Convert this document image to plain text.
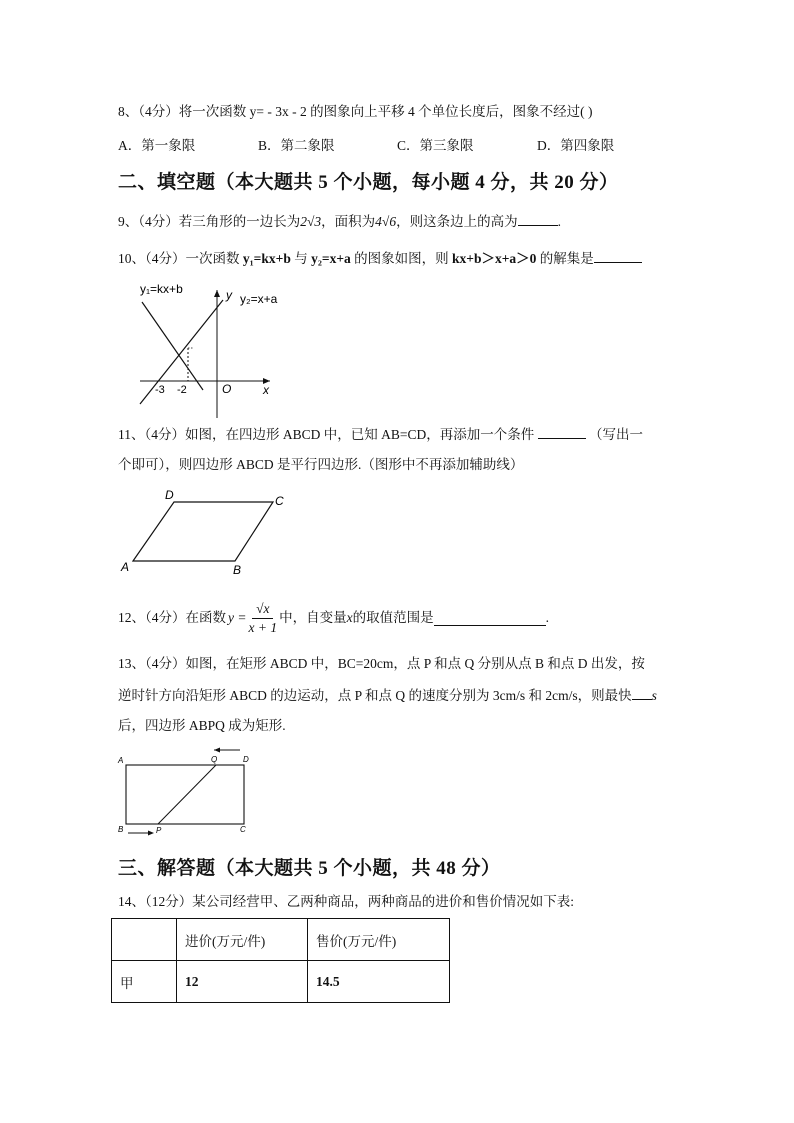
8、（4分）将一次函数 y= - 3x - 2 的图象向上平移 4 个单位长度后，图象不经过( )
A．第一象限	B．第二象限	C．第三象限	D．第四象限
二、填空题（本大题共 5 个小题，每小题 4 分，共 20 分）
9、（4分）若三角形的一边长为2√3，面积为4√6，则这条边上的高为	.
10、（4分）一次函数 y₁=kx+b 与 y₂=x+a 的图象如图，则 kx+b＞x+a＞0 的解集是
y₁=kx+b
y₂=x+a
y
x
O
-3 -2
11、（4分）如图，在四边形 ABCD 中，已知 AB=CD，再添加一个条件	（写出一
个即可），则四边形 ABCD 是平行四边形.（图形中不再添加辅助线）
A	B
C
D
12、（4分）在函数 $y = \frac{√x}{x + 1}$ 中，自变量 x 的取值范围是	.
13、（4分）如图，在矩形 ABCD 中，BC=20cm，点 P 和点 Q 分别从点 B 和点 D 出发，按
逆时针方向沿矩形 ABCD 的边运动，点 P 和点 Q 的速度分别为 3cm/s 和 2cm/s，则最快 s
后，四边形 ABPQ 成为矩形.
A
B	C
D
P
Q
三、解答题（本大题共 5 个小题，共 48 分）
14、（12分）某公司经营甲、乙两种商品，两种商品的进价和售价情况如下表:
	进价(万元/件)	售价(万元/件)
甲	12	14.5
